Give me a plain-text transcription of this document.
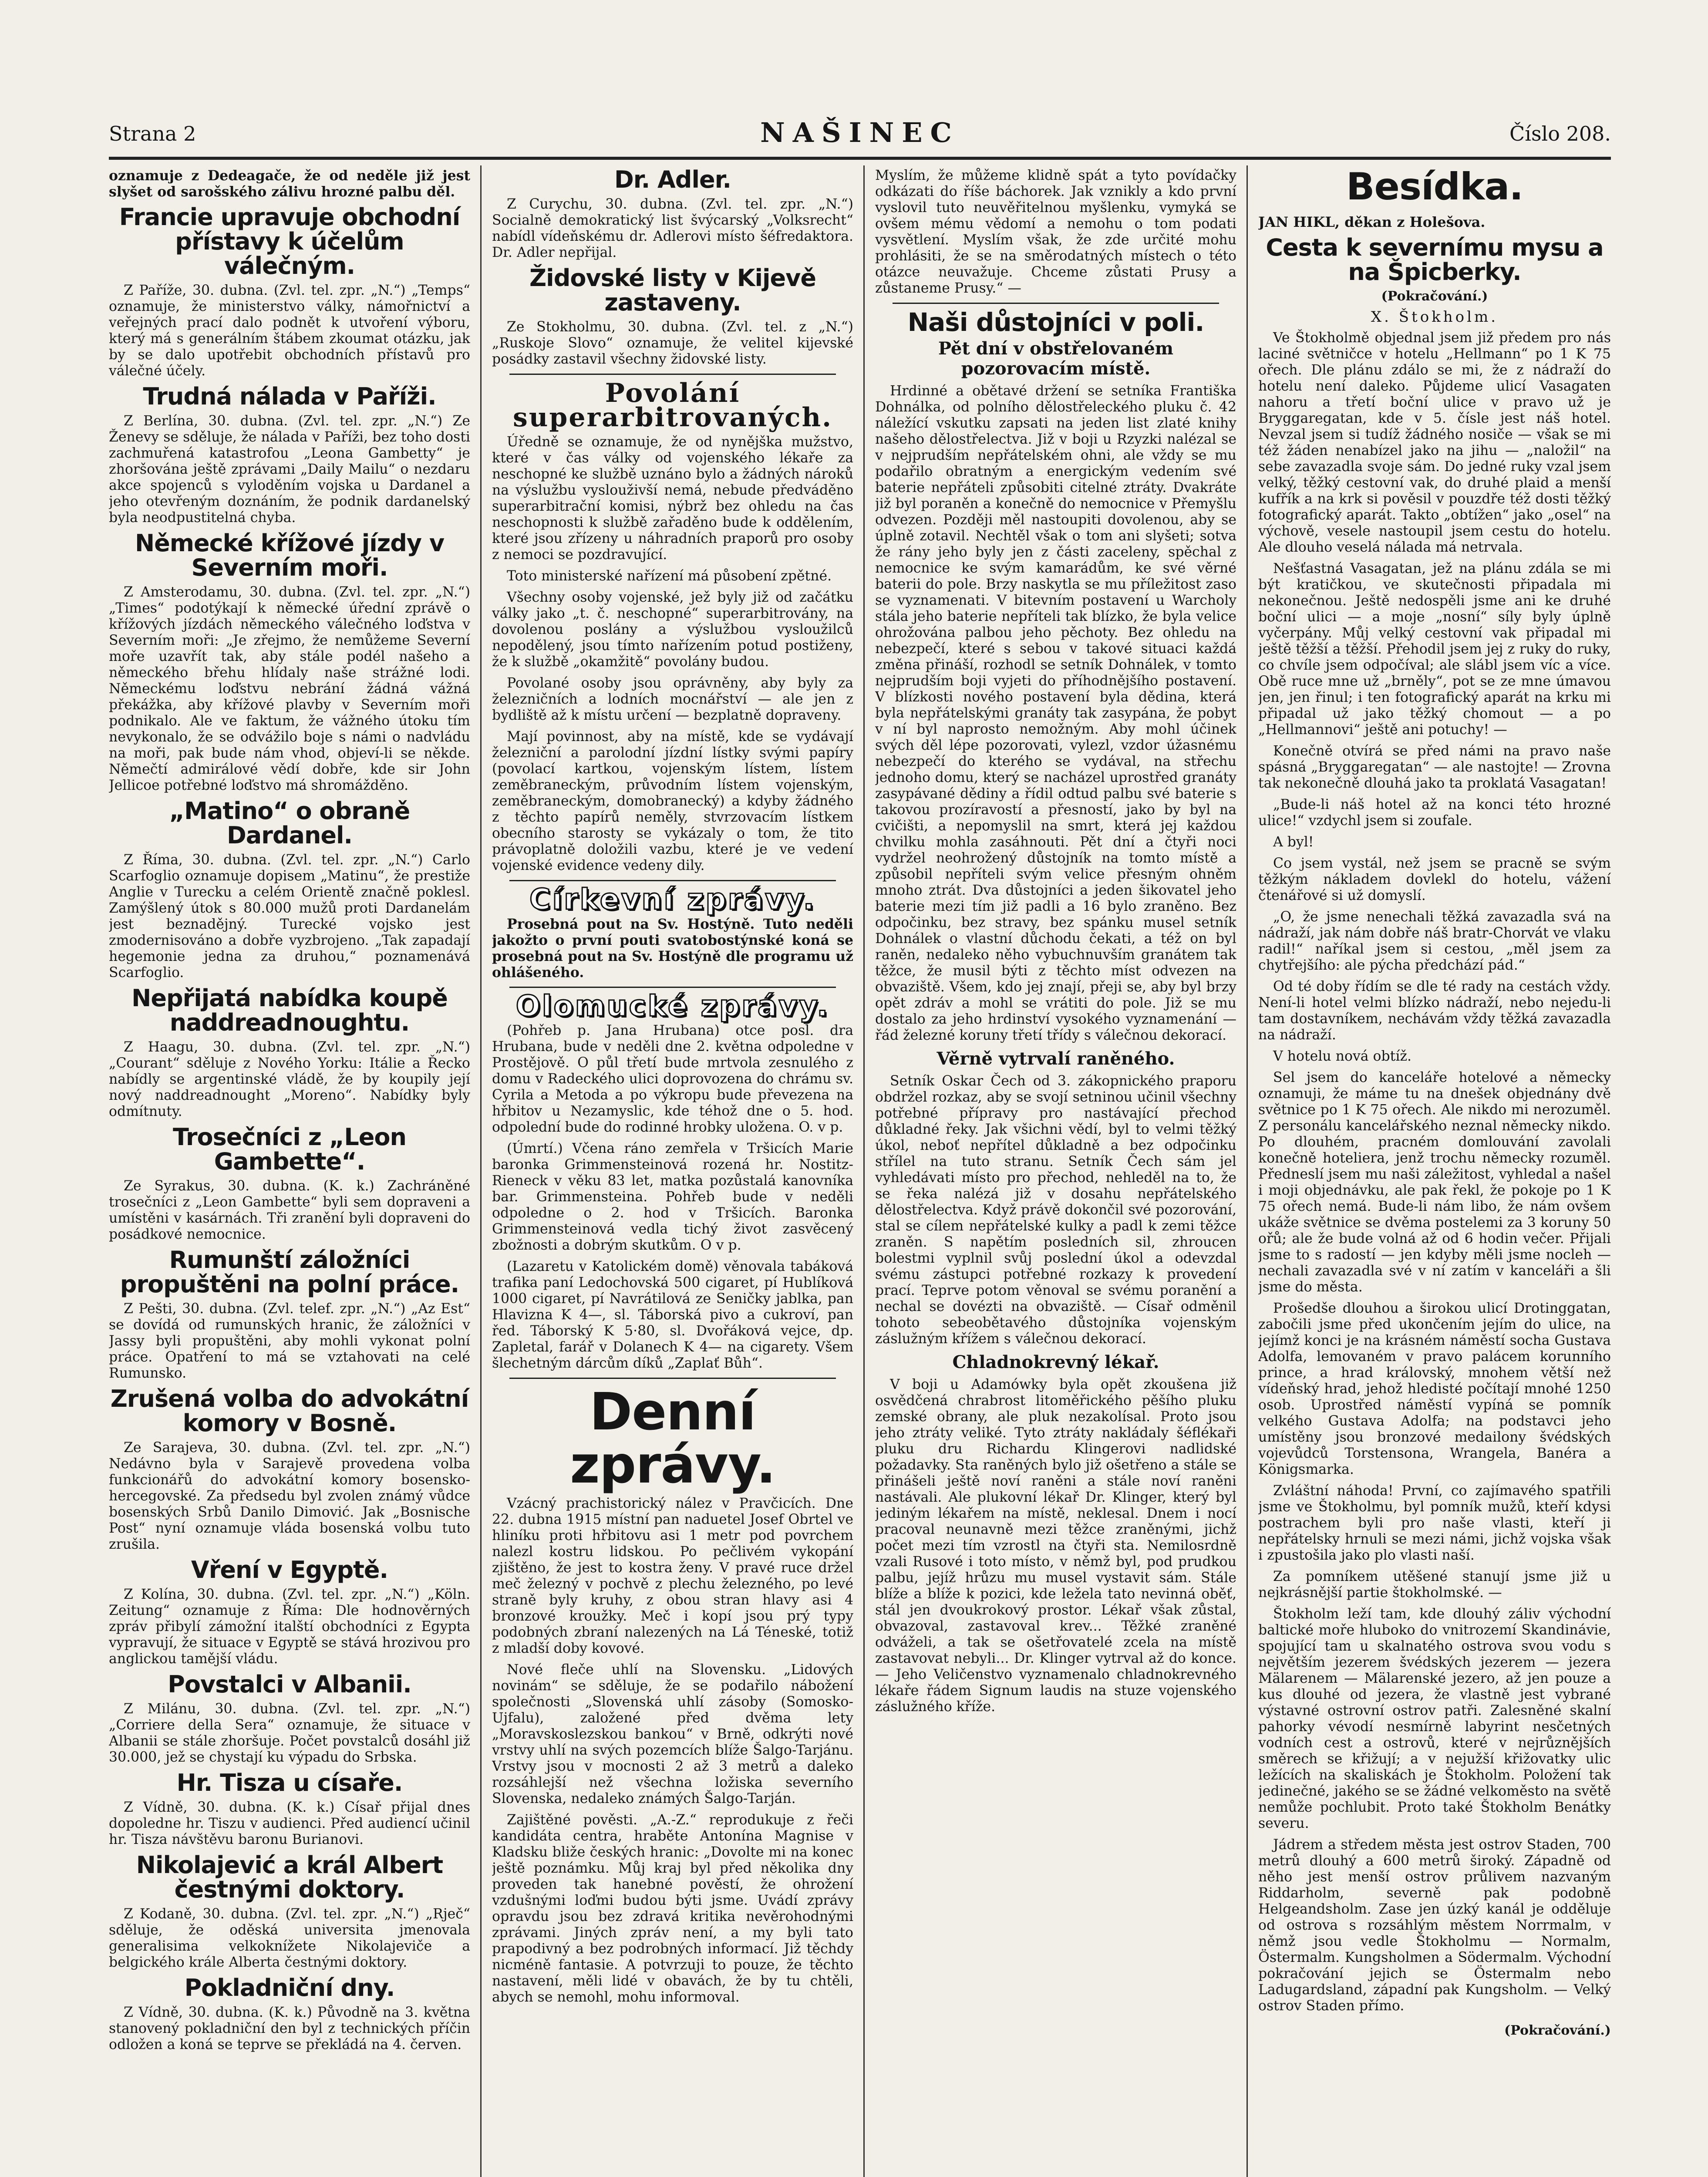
Strana 2	NAŠINEC	Číslo 208.

oznamuje z Dedeagače, že od neděle již jest slyšet od sarošského zálivu hrozné palbu děl.

Francie upravuje obchodní přístavy k účelům válečným.

Z Paříže, 30. dubna. (Zvl. tel. zpr. „N.“) „Temps“ oznamuje, že ministerstvo války, námořnictví a veřejných prací dalo podnět k utvoření výboru, který má s generálním štábem zkoumat otázku, jak by se dalo upotřebit obchodních přístavů pro válečné účely.

Trudná nálada v Paříži.

Z Berlína, 30. dubna. (Zvl. tel. zpr. „N.“) Ze Ženevy se sděluje, že nálada v Paříži, bez toho dosti zachmuřená katastrofou „Leona Gambetty“ je zhoršována ještě zprávami „Daily Mailu“ o nezdaru akce spojenců s vyloděním vojska u Dardanel a jeho otevřeným doznáním, že podnik dardanelský byla neodpustitelná chyba.

Německé křížové jízdy v Severním moři.

Z Amsterodamu, 30. dubna. (Zvl. tel. zpr. „N.“) „Times“ podotýkají k německé úřední zprávě o křížových jízdách německého válečného loďstva v Severním moři: „Je zřejmo, že nemůžeme Severní moře uzavřít tak, aby stále podél našeho a německého břehu hlídaly naše strážné lodi. Německému loďstvu nebrání žádná vážná překážka, aby křížové plavby v Severním moři podnikalo. Ale ve faktum, že vážného útoku tím nevykonalo, že se odvážilo boje s námi o nadvládu na moři, pak bude nám vhod, objeví-li se někde. Němečtí admirálové vědí dobře, kde sir John Jellicoe potřebné loďstvo má shromážděno.

„Matino“ o obraně Dardanel.

Z Říma, 30. dubna. (Zvl. tel. zpr. „N.“) Carlo Scarfoglio oznamuje dopisem „Matinu“, že prestiže Anglie v Turecku a celém Orientě značně poklesl. Zamýšlený útok s 80.000 mužů proti Dardanelám jest beznadějný. Turecké vojsko jest zmodernisováno a dobře vyzbrojeno. „Tak zapadají hegemonie jedna za druhou,“ poznamenává Scarfoglio.

Nepřijatá nabídka koupě naddreadnoughtu.

Z Haagu, 30. dubna. (Zvl. tel. zpr. „N.“) „Courant“ sděluje z Nového Yorku: Itálie a Řecko nabídly se argentinské vládě, že by koupily její nový naddreadnought „Moreno“. Nabídky byly odmítnuty.

Trosečníci z „Leon Gambette“.

Ze Syrakus, 30. dubna. (K. k.) Zachráněné trosečníci z „Leon Gambette“ byli sem dopraveni a umístěni v kasárnách. Tři zranění byli dopraveni do posádkové nemocnice.

Rumunští záložníci propuštěni na polní práce.

Z Pešti, 30. dubna. (Zvl. telef. zpr. „N.“) „Az Est“ se dovídá od rumunských hranic, že záložníci v Jassy byli propuštěni, aby mohli vykonat polní práce. Opatření to má se vztahovati na celé Rumunsko.

Zrušená volba do advokátní komory v Bosně.

Ze Sarajeva, 30. dubna. (Zvl. tel. zpr. „N.“) Nedávno byla v Sarajevě provedena volba funkcionářů do advokátní komory bosensko-hercegovské. Za předsedu byl zvolen známý vůdce bosenských Srbů Danilo Dimović. Jak „Bosnische Post“ nyní oznamuje vláda bosenská volbu tuto zrušila.

Vření v Egyptě.

Z Kolína, 30. dubna. (Zvl. tel. zpr. „N.“) „Köln. Zeitung“ oznamuje z Říma: Dle hodnověrných zpráv přibylí zámožní italští obchodníci z Egypta vypravují, že situace v Egyptě se stává hrozivou pro anglickou tamější vládu.

Povstalci v Albanii.

Z Milánu, 30. dubna. (Zvl. tel. zpr. „N.“) „Corriere della Sera“ oznamuje, že situace v Albanii se stále zhoršuje. Počet povstalců dosáhl již 30.000, jež se chystají ku výpadu do Srbska.

Hr. Tisza u císaře.

Z Vídně, 30. dubna. (K. k.) Císař přijal dnes dopoledne hr. Tiszu v audienci. Před audiencí učinil hr. Tisza návštěvu baronu Burianovi.

Nikolajević a král Albert čestnými doktory.

Z Kodaně, 30. dubna. (Zvl. tel. zpr. „N.“) „Rječ“ sděluje, že oděská universita jmenovala generalisima velkoknížete Nikolajeviče a belgického krále Alberta čestnými doktory.

Pokladniční dny.

Z Vídně, 30. dubna. (K. k.) Původně na 3. května stanovený pokladniční den byl z technických příčin odložen a koná se teprve se překládá na 4. červen.

Dr. Adler.

Z Curychu, 30. dubna. (Zvl. tel. zpr. „N.“) Socialně demokratický list švýcarský „Volksrecht“ nabídl vídeňskému dr. Adlerovi místo šéfredaktora. Dr. Adler nepřijal.

Židovské listy v Kijevě zastaveny.

Ze Stokholmu, 30. dubna. (Zvl. tel. z „N.“) „Ruskoje Slovo“ oznamuje, že velitel kijevské posádky zastavil všechny židovské listy.

Povolání superarbitrovaných.

Úředně se oznamuje, že od nynějška mužstvo, které v čas války od vojenského lékaře za neschopné ke službě uznáno bylo a žádných nároků na výslužbu vyslouživší nemá, nebude předváděno superarbitrační komisi, nýbrž bez ohledu na čas neschopnosti k službě zařaděno bude k oddělením, které jsou zřízeny u náhradních praporů pro osoby z nemoci se pozdravující.

Toto ministerské nařízení má působení zpětné.

Všechny osoby vojenské, jež byly již od začátku války jako „t. č. neschopné“ superarbitrovány, na dovolenou poslány a výslužbou vysloužilců nepodělený, jsou tímto nařízením potud postiženy, že k službě „okamžitě“ povolány budou.

Povolané osoby jsou oprávněny, aby byly za železničních a lodních mocnářství — ale jen z bydliště až k místu určení — bezplatně dopraveny.

Mají povinnost, aby na místě, kde se vydávají železniční a parolodní jízdní lístky svými papíry (povolací kartkou, vojenským lístem, lístem zeměbraneckým, průvodním lístem vojenským, zeměbraneckým, domobranecký) a kdyby žádného z těchto papírů neměly, stvrzovacím lístkem obecního starosty se vykázaly o tom, že tito právoplatně doložili vazbu, které je ve vedení vojenské evidence vedeny dily.

Církevní zprávy.

Prosebná pout na Sv. Hostýně. Tuto neděli jakožto o první pouti svatobostýnské koná se prosebná pout na Sv. Hostýně dle programu už ohlášeného.

Olomucké zprávy.

(Pohřeb p. Jana Hrubana) otce posl. dra Hrubana, bude v neděli dne 2. května odpoledne v Prostějově. O půl třetí bude mrtvola zesnulého z domu v Radeckého ulici doprovozena do chrámu sv. Cyrila a Metoda a po výkropu bude převezena na hřbitov u Nezamyslic, kde téhož dne o 5. hod. odpolední bude do rodinné hrobky uložena. O. v p.

(Úmrtí.) Včena ráno zemřela v Tršicích Marie baronka Grimmensteinová rozená hr. Nostitz-Rieneck v věku 83 let, matka pozůstalá kanovníka bar. Grimmensteina. Pohřeb bude v neděli odpoledne o 2. hod v Tršicích. Baronka Grimmensteinová vedla tichý život zasvěcený zbožnosti a dobrým skutkům. O v p.

(Lazaretu v Katolickém domě) věnovala tabáková trafika paní Ledochovská 500 cigaret, pí Hublíková 1000 cigaret, pí Navrátilová ze Seničky jablka, pan Hlavizna K 4—, sl. Táborská pivo a cukroví, pan řed. Táborský K 5·80, sl. Dvořáková vejce, dp. Zapletal, farář v Dolanech K 4— na cigarety. Všem šlechetným dárcům díků „Zaplať Bůh“.

Denní zprávy.

Vzácný prachistorický nález v Pravčicích. Dne 22. dubna 1915 místní pan naduetel Josef Obrtel ve hliníku proti hřbitovu asi 1 metr pod povrchem nalezl kostru lidskou. Po pečlivém vykopání zjištěno, že jest to kostra ženy. V pravé ruce držel meč železný v pochvě z plechu železného, po levé straně byly kruhy, z obou stran hlavy asi 4 bronzové kroužky. Meč i kopí jsou prý typy podobných zbraní nalezených na Lá Téneské, totiž z mladší doby kovové.

Nové fleče uhlí na Slovensku. „Lidových novinám“ se sděluje, že se podařilo nábožení společnosti „Slovenská uhlí zásoby (Somosko-Ujfalu), založené před dvěma lety „Moravskoslezskou bankou“ v Brně, odkrýti nové vrstvy uhlí na svých pozemcích blíže Šalgo-Tarjánu. Vrstvy jsou v mocnosti 2 až 3 metrů a daleko rozsáhlejší než všechna ložiska severního Slovenska, nedaleko známých Šalgo-Tarján.

Zajištěné pověsti. „A.-Z.“ reprodukuje z řeči kandidáta centra, hraběte Antonína Magnise v Kladsku bliže českých hranic: „Dovolte mi na konec ještě poznámku. Můj kraj byl před několika dny proveden tak hanebné pověstí, že ohrožení vzdušnými loďmi budou býti jsme. Uvádí zprávy opravdu jsou bez zdravá kritika nevěrohodnými zprávami. Jiných zpráv není, a my byli tato prapodivný a bez podrobných informací. Již těchdy nicméně fantasie. A potvrzuji to pouze, že těchto nastavení, měli lidé v obavách, že by tu chtěli, abych se nemohl, mohu informoval.

Myslím, že můžeme klidně spát a tyto povídačky odkázati do říše báchorek. Jak vznikly a kdo první vyslovil tuto neuvěřitelnou myšlenku, vymyká se ovšem mému vědomí a nemohu o tom podati vysvětlení. Myslím však, že zde určité mohu prohlásiti, že se na směrodatných místech o této otázce neuvažuje. Chceme zůstati Prusy a zůstaneme Prusy.“ —

Naši důstojníci v poli.
Pět dní v obstřelovaném pozorovacím místě.

Hrdinné a obětavé držení se setníka Františka Dohnálka, od polního dělostřeleckého pluku č. 42 náležící vskutku zapsati na jeden list zlaté knihy našeho dělostřelectva. Již v boji u Rzyzki nalézal se v nejprudším nepřátelském ohni, ale vždy se mu podařilo obratným a energickým vedením své baterie nepřáteli způsobiti citelné ztráty. Dvakráte již byl poraněn a konečně do nemocnice v Přemyšlu odvezen. Později měl nastoupiti dovolenou, aby se úplně zotavil. Nechtěl však o tom ani slyšeti; sotva že rány jeho byly jen z části zaceleny, spěchal z nemocnice ke svým kamarádům, ke své věrné baterii do pole. Brzy naskytla se mu příležitost zaso se vyznamenati. V bitevním postavení u Warcholy stála jeho baterie nepříteli tak blízko, že byla velice ohrožována palbou jeho pěchoty. Bez ohledu na nebezpečí, které s sebou v takové situaci každá změna přináší, rozhodl se setník Dohnálek, v tomto nejprudším boji vyjeti do příhodnějšího postavení. V blízkosti nového postavení byla dědina, která byla nepřátelskými granáty tak zasypána, že pobyt v ní byl naprosto nemožným. Aby mohl účinek svých děl lépe pozorovati, vylezl, vzdor úžasnému nebezpečí do kterého se vydával, na střechu jednoho domu, který se nacházel uprostřed granáty zasypávané dědiny a řídil odtud palbu své baterie s takovou prozíravostí a přesností, jako by byl na cvičišti, a nepomyslil na smrt, která jej každou chvilku mohla zasáhnouti. Pět dní a čtyři noci vydržel neohrožený důstojník na tomto místě a způsobil nepříteli svým velice přesným ohněm mnoho ztrát. Dva důstojníci a jeden šikovatel jeho baterie mezi tím již padli a 16 bylo zraněno. Bez odpočinku, bez stravy, bez spánku musel setník Dohnálek o vlastní důchodu čekati, a též on byl raněn, nedaleko něho vybuchnuvším granátem tak těžce, že musil býti z těchto míst odvezen na obvaziště. Všem, kdo jej znají, přeji se, aby byl brzy opět zdráv a mohl se vrátiti do pole. Již se mu dostalo za jeho hrdinství vysokého vyznamenání — řád železné koruny třetí třídy s válečnou dekorací.

Věrně vytrvalí raněného.

Setník Oskar Čech od 3. zákopnického praporu obdržel rozkaz, aby se svojí setninou učinil všechny potřebné přípravy pro nastávající přechod důkladné řeky. Jak všichni vědí, byl to velmi těžký úkol, neboť nepřítel důkladně a bez odpočinku střílel na tuto stranu. Setník Čech sám jel vyhledávati místo pro přechod, nehleděl na to, že se řeka nalézá již v dosahu nepřátelského dělostřelectva. Když právě dokončil své pozorování, stal se cílem nepřátelské kulky a padl k zemi těžce zraněn. S napětím posledních sil, zhroucen bolestmi vyplnil svůj poslední úkol a odevzdal svému zástupci potřebné rozkazy k provedení prací. Teprve potom věnoval se svému poranění a nechal se dovézti na obvaziště. — Císař odměnil tohoto sebeobětavého důstojníka vojenským záslužným křížem s válečnou dekorací.

Chladnokrevný lékař.

V boji u Adamówky byla opět zkoušena již osvědčená chrabrost litoměřického pěšího pluku zemské obrany, ale pluk nezakolísal. Proto jsou jeho ztráty veliké. Tyto ztráty nakládaly šéflékaři pluku dru Richardu Klingerovi nadlidské požadavky. Sta raněných bylo již ošetřeno a stále se přinášeli ještě noví raněni a stále noví raněni nastávali. Ale plukovní lékař Dr. Klinger, který byl jediným lékařem na místě, neklesal. Dnem i nocí pracoval neunavně mezi těžce zraněnými, jichž počet mezi tím vzrostl na čtyři sta. Nemilosrdně vzali Rusové i toto místo, v němž byl, pod prudkou palbu, jejíž hrůzu mu musel vystavit sám. Stále blíže a blíže k pozici, kde ležela tato nevinná oběť, stál jen dvoukrokový prostor. Lékař však zůstal, obvazoval, zastavoval krev... Těžké zraněné odváželi, a tak se ošetřovatelé zcela na místě zastavovat nebyli... Dr. Klinger vytrval až do konce. — Jeho Veličenstvo vyznamenalo chladnokrevného lékaře řádem Signum laudis na stuze vojenského záslužného kříže.

Besídka.
JAN HIKL, děkan z Holešova.
Cesta k severnímu mysu a na Špicberky.
(Pokračování.)
X. Štokholm.

Ve Štokholmě objednal jsem již předem pro nás laciné světničce v hotelu „Hellmann“ po 1 K 75 ořech. Dle plánu zdálo se mi, že z nádraží do hotelu není daleko. Půjdeme ulicí Vasagaten nahoru a třetí boční ulice v pravo už je Bryggaregatan, kde v 5. čísle jest náš hotel. Nevzal jsem si tudíž žádného nosiče — však se mi též žáden nenabízel jako na jihu — „naložil“ na sebe zavazadla svoje sám. Do jedné ruky vzal jsem velký, těžký cestovní vak, do druhé plaid a menší kufřík a na krk si pověsil v pouzdře též dosti těžký fotografický aparát. Takto „obtížen“ jako „osel“ na výchově, vesele nastoupil jsem cestu do hotelu. Ale dlouho veselá nálada má netrvala.

Nešťastná Vasagatan, jež na plánu zdála se mi být kratičkou, ve skutečnosti připadala mi nekonečnou. Ještě nedospěli jsme ani ke druhé boční ulici — a moje „nosní“ síly byly úplně vyčerpány. Můj velký cestovní vak připadal mi ještě těžší a těžší. Přehodil jsem jej z ruky do ruky, co chvíle jsem odpočíval; ale slábl jsem víc a více. Obě ruce mne už „brněly“, pot se ze mne úmavou jen, jen řinul; i ten fotografický aparát na krku mi připadal už jako těžký chomout — a po „Hellmannovi“ ještě ani potuchy! —

Konečně otvírá se před námi na pravo naše spásná „Bryggaregatan“ — ale nastojte! — Zrovna tak nekonečně dlouhá jako ta proklatá Vasagatan!

„Bude-li náš hotel až na konci této hrozné ulice!“ vzdychl jsem si zoufale.

A byl!

Co jsem vystál, než jsem se pracně se svým těžkým nákladem dovlekl do hotelu, vážení čtenářové si už domyslí.

„O, že jsme nenechali těžká zavazadla svá na nádraží, jak nám dobře náš bratr-Chorvát ve vlaku radil!“ naříkal jsem si cestou, „měl jsem za chytřejšího: ale pýcha předchází pád.“

Od té doby řídím se dle té rady na cestách vždy. Není-li hotel velmi blízko nádraží, nebo nejedu-li tam dostavníkem, nechávám vždy těžká zavazadla na nádraží.

V hotelu nová obtíž.

Sel jsem do kanceláře hotelové a německy oznamuji, že máme tu na dnešek objednány dvě světnice po 1 K 75 ořech. Ale nikdo mi nerozuměl. Z personálu kancelářského neznal německy nikdo. Po dlouhém, pracném domlouvání zavolali konečně hoteliera, jenž trochu německy rozuměl. Předneslí jsem mu naši záležitost, vyhledal a našel i moji objednávku, ale pak řekl, že pokoje po 1 K 75 ořech nemá. Bude-li nám libo, že nám ovšem ukáže světnice se dvěma postelemi za 3 koruny 50 ořů; ale že bude volná až od 6 hodin večer. Přijali jsme to s radostí — jen kdyby měli jsme nocleh — nechali zavazadla své v ní zatím v kanceláři a šli jsme do města.

Prošedše dlouhou a širokou ulicí Drotinggatan, zabočili jsme před ukončením jejím do ulice, na jejímž konci je na krásném náměstí socha Gustava Adolfa, lemovaném v pravo palácem korunního prince, a hrad královský, mnohem větší než vídeňský hrad, jehož hledisté počítají mnohé 1250 osob. Uprostřed náměstí vypíná se pomník velkého Gustava Adolfa; na podstavci jeho umístěny jsou bronzové medailony švédských vojevůdců Torstensona, Wrangela, Banéra a Königsmarka.

Zvláštní náhoda! První, co zajímavého spatřili jsme ve Štokholmu, byl pomník mužů, kteří kdysi postrachem byli pro naše vlasti, kteří ji nepřátelsky hrnuli se mezi námi, jichž vojska však i zpustošila jako plo vlasti naší.

Za pomníkem utěšené stanují jsme již u nejkrásnější partie štokholmské. —

Štokholm leží tam, kde dlouhý záliv východní baltické moře hluboko do vnitrozemí Skandinávie, spojující tam u skalnatého ostrova svou vodu s největším jezerem švédských jezerem — jezera Mälarenem — Mälarenské jezero, až jen pouze a kus dlouhé od jezera, že vlastně jest vybrané výstavné ostrovní ostrov patři. Zalesněné skalní pahorky vévodí nesmírně labyrint nesčetných vodních cest a ostrovů, které v nejrůznějších směrech se křižují; a v nejužší křižovatky ulic ležících na skaliskách je Štokholm. Položení tak jedinečné, jakého se se žádné velkoměsto na světě nemůže pochlubit. Proto také Štokholm Benátky severu.

Jádrem a středem města jest ostrov Staden, 700 metrů dlouhý a 600 metrů široký. Západně od něho jest menší ostrov průlivem nazvaným Riddarholm, severně pak podobně Helgeandsholm. Zase jen úzký kanál je odděluje od ostrova s rozsáhlým městem Norrmalm, v němž jsou vedle Štokholmu — Normalm, Östermalm. Kungsholmen a Södermalm. Východní pokračování jejich se Östermalm nebo Ladugardsland, západní pak Kungsholm. — Velký ostrov Staden přímo.

(Pokračování.)
